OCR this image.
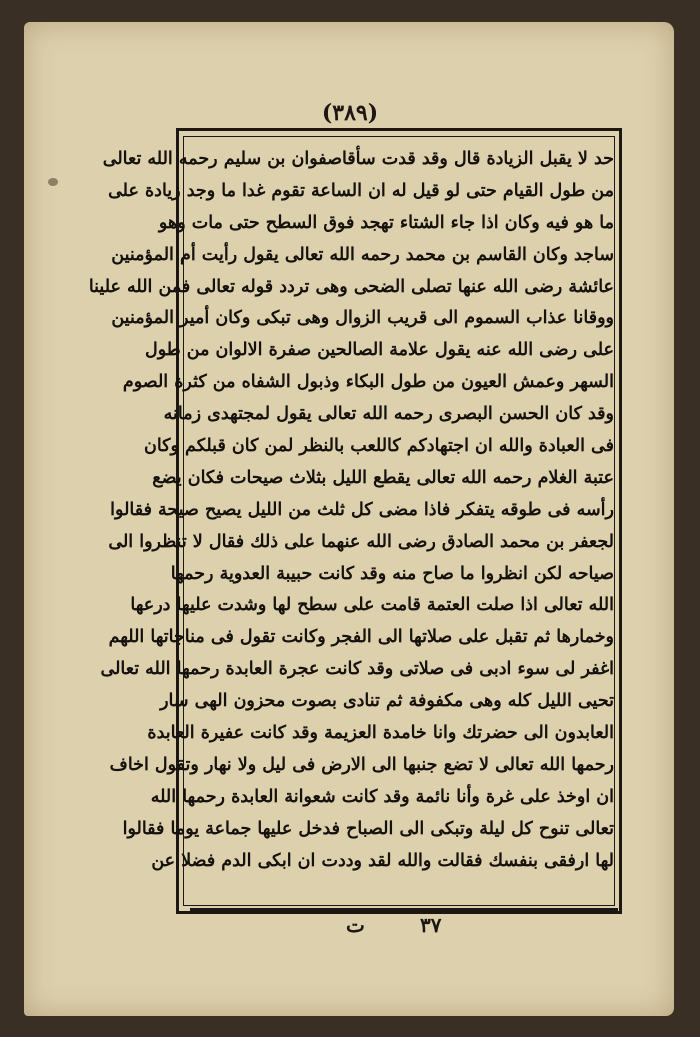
(٣٨٩)
حد لا يقبل الزيادة قال وقد قدت سأقاصفوان بن سليم رحمه الله تعالى
من طول القيام حتى لو قيل له ان الساعة تقوم غدا ما وجد زيادة على
ما هو فيه وكان اذا جاء الشتاء تهجد فوق السطح حتى مات وهو
ساجد وكان القاسم بن محمد رحمه الله تعالى يقول رأيت أم المؤمنين
عائشة رضى الله عنها تصلى الضحى وهى تردد قوله تعالى فمن الله علينا
ووقانا عذاب السموم الى قريب الزوال وهى تبكى وكان أمير المؤمنين
على رضى الله عنه يقول علامة الصالحين صفرة الالوان من طول
السهر وعمش العيون من طول البكاء وذبول الشفاه من كثرة الصوم
وقد كان الحسن البصرى رحمه الله تعالى يقول لمجتهدى زمانه
فى العبادة والله ان اجتهادكم كاللعب بالنظر لمن كان قبلكم وكان
عتبة الغلام رحمه الله تعالى يقطع الليل بثلاث صيحات فكان يضع
رأسه فى طوقه يتفكر فاذا مضى كل ثلث من الليل يصيح صيحة فقالوا
لجعفر بن محمد الصادق رضى الله عنهما على ذلك فقال لا تنظروا الى
صياحه لكن انظروا ما صاح منه وقد كانت حبيبة العدوية رحمها
الله تعالى اذا صلت العتمة قامت على سطح لها وشدت عليها درعها
وخمارها ثم تقبل على صلاتها الى الفجر وكانت تقول فى مناجاتها اللهم
اغفر لى سوء ادبى فى صلاتى وقد كانت عجرة العابدة رحمها الله تعالى
تحيى الليل كله وهى مكفوفة ثم تنادى بصوت محزون الهى سار
العابدون الى حضرتك وانا خامدة العزيمة وقد كانت عفيرة العابدة
رحمها الله تعالى لا تضع جنبها الى الارض فى ليل ولا نهار وتقول اخاف
ان اوخذ على غرة وأنا نائمة وقد كانت شعوانة العابدة رحمها الله
تعالى تنوح كل ليلة وتبكى الى الصباح فدخل عليها جماعة يوما فقالوا
لها ارفقى بنفسك فقالت والله لقد وددت ان ابكى الدم فضلا عن
ت	٣٧
